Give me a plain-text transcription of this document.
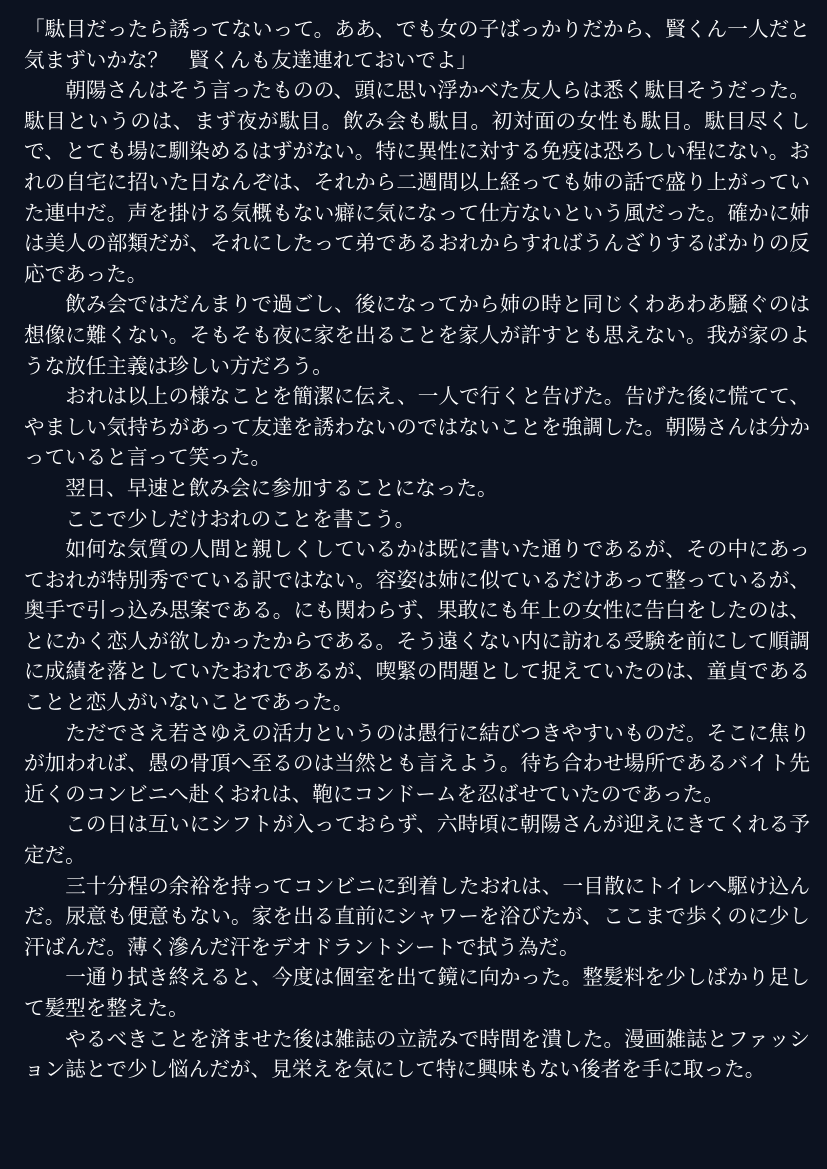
「駄目だったら誘ってないって。ああ、でも女の子ばっかりだから、賢くん一人だと気まずいかな？　賢くんも友達連れておいでよ」

朝陽さんはそう言ったものの、頭に思い浮かべた友人らは悉く駄目そうだった。駄目というのは、まず夜が駄目。飲み会も駄目。初対面の女性も駄目。駄目尽くしで、とても場に馴染めるはずがない。特に異性に対する免疫は恐ろしい程にない。おれの自宅に招いた日なんぞは、それから二週間以上経っても姉の話で盛り上がっていた連中だ。声を掛ける気概もない癖に気になって仕方ないという風だった。確かに姉は美人の部類だが、それにしたって弟であるおれからすればうんざりするばかりの反応であった。

飲み会ではだんまりで過ごし、後になってから姉の時と同じくわあわあ騒ぐのは想像に難くない。そもそも夜に家を出ることを家人が許すとも思えない。我が家のような放任主義は珍しい方だろう。

おれは以上の様なことを簡潔に伝え、一人で行くと告げた。告げた後に慌てて、やましい気持ちがあって友達を誘わないのではないことを強調した。朝陽さんは分かっていると言って笑った。

翌日、早速と飲み会に参加することになった。

ここで少しだけおれのことを書こう。

如何な気質の人間と親しくしているかは既に書いた通りであるが、その中にあっておれが特別秀でている訳ではない。容姿は姉に似ているだけあって整っているが、奥手で引っ込み思案である。にも関わらず、果敢にも年上の女性に告白をしたのは、とにかく恋人が欲しかったからである。そう遠くない内に訪れる受験を前にして順調に成績を落としていたおれであるが、喫緊の問題として捉えていたのは、童貞であることと恋人がいないことであった。

ただでさえ若さゆえの活力というのは愚行に結びつきやすいものだ。そこに焦りが加われば、愚の骨頂へ至るのは当然とも言えよう。待ち合わせ場所であるバイト先近くのコンビニへ赴くおれは、鞄にコンドームを忍ばせていたのであった。

この日は互いにシフトが入っておらず、六時頃に朝陽さんが迎えにきてくれる予定だ。

三十分程の余裕を持ってコンビニに到着したおれは、一目散にトイレへ駆け込んだ。尿意も便意もない。家を出る直前にシャワーを浴びたが、ここまで歩くのに少し汗ばんだ。薄く滲んだ汗をデオドラントシートで拭う為だ。

一通り拭き終えると、今度は個室を出て鏡に向かった。整髪料を少しばかり足して髪型を整えた。

やるべきことを済ませた後は雑誌の立読みで時間を潰した。漫画雑誌とファッション誌とで少し悩んだが、見栄えを気にして特に興味もない後者を手に取った。
